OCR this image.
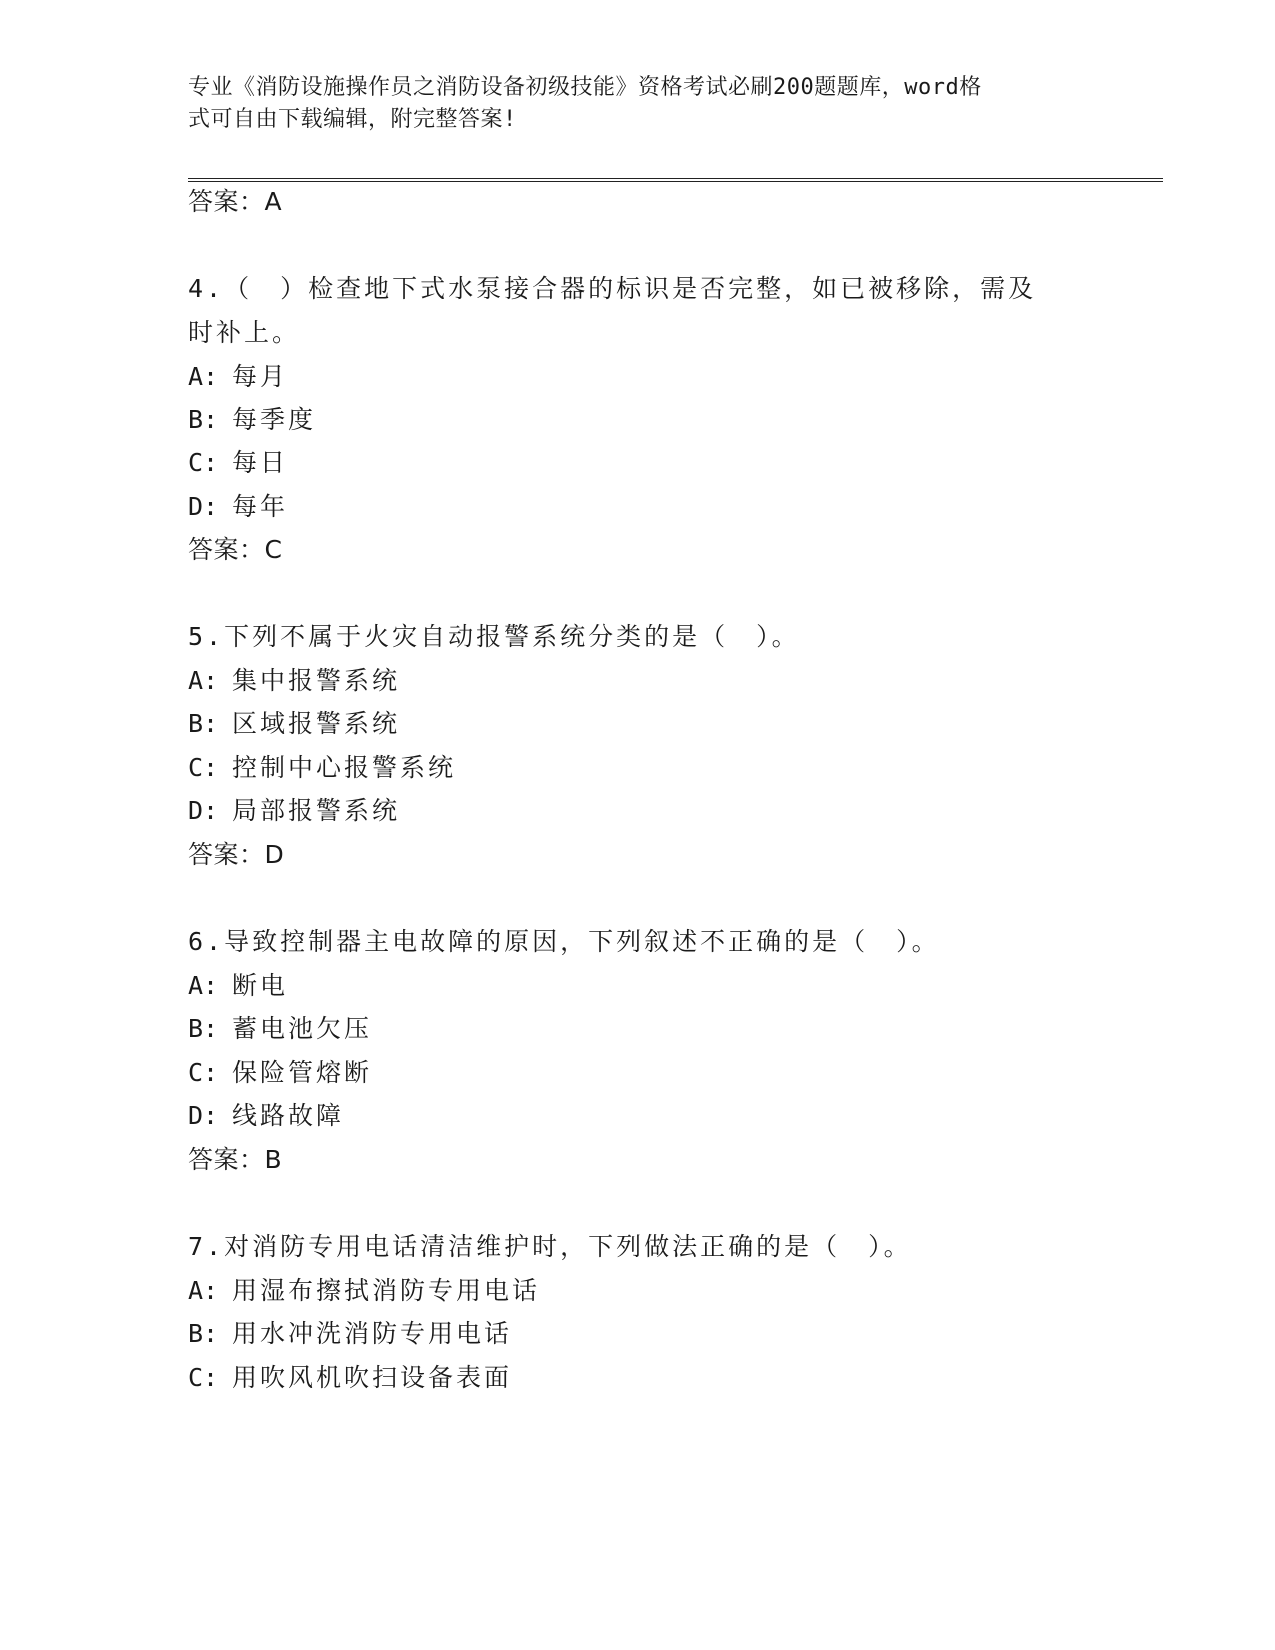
专业《消防设施操作员之消防设备初级技能》资格考试必刷200题题库，word格
式可自由下载编辑，附完整答案!
答案：A
4.（　）检查地下式水泵接合器的标识是否完整，如已被移除，需及
时补上。
A: 每月
B: 每季度
C: 每日
D: 每年
答案：C
5.下列不属于火灾自动报警系统分类的是（　）。
A: 集中报警系统
B: 区域报警系统
C: 控制中心报警系统
D: 局部报警系统
答案：D
6.导致控制器主电故障的原因，下列叙述不正确的是（　）。
A: 断电
B: 蓄电池欠压
C: 保险管熔断
D: 线路故障
答案：B
7.对消防专用电话清洁维护时，下列做法正确的是（　）。
A: 用湿布擦拭消防专用电话
B: 用水冲洗消防专用电话
C: 用吹风机吹扫设备表面
